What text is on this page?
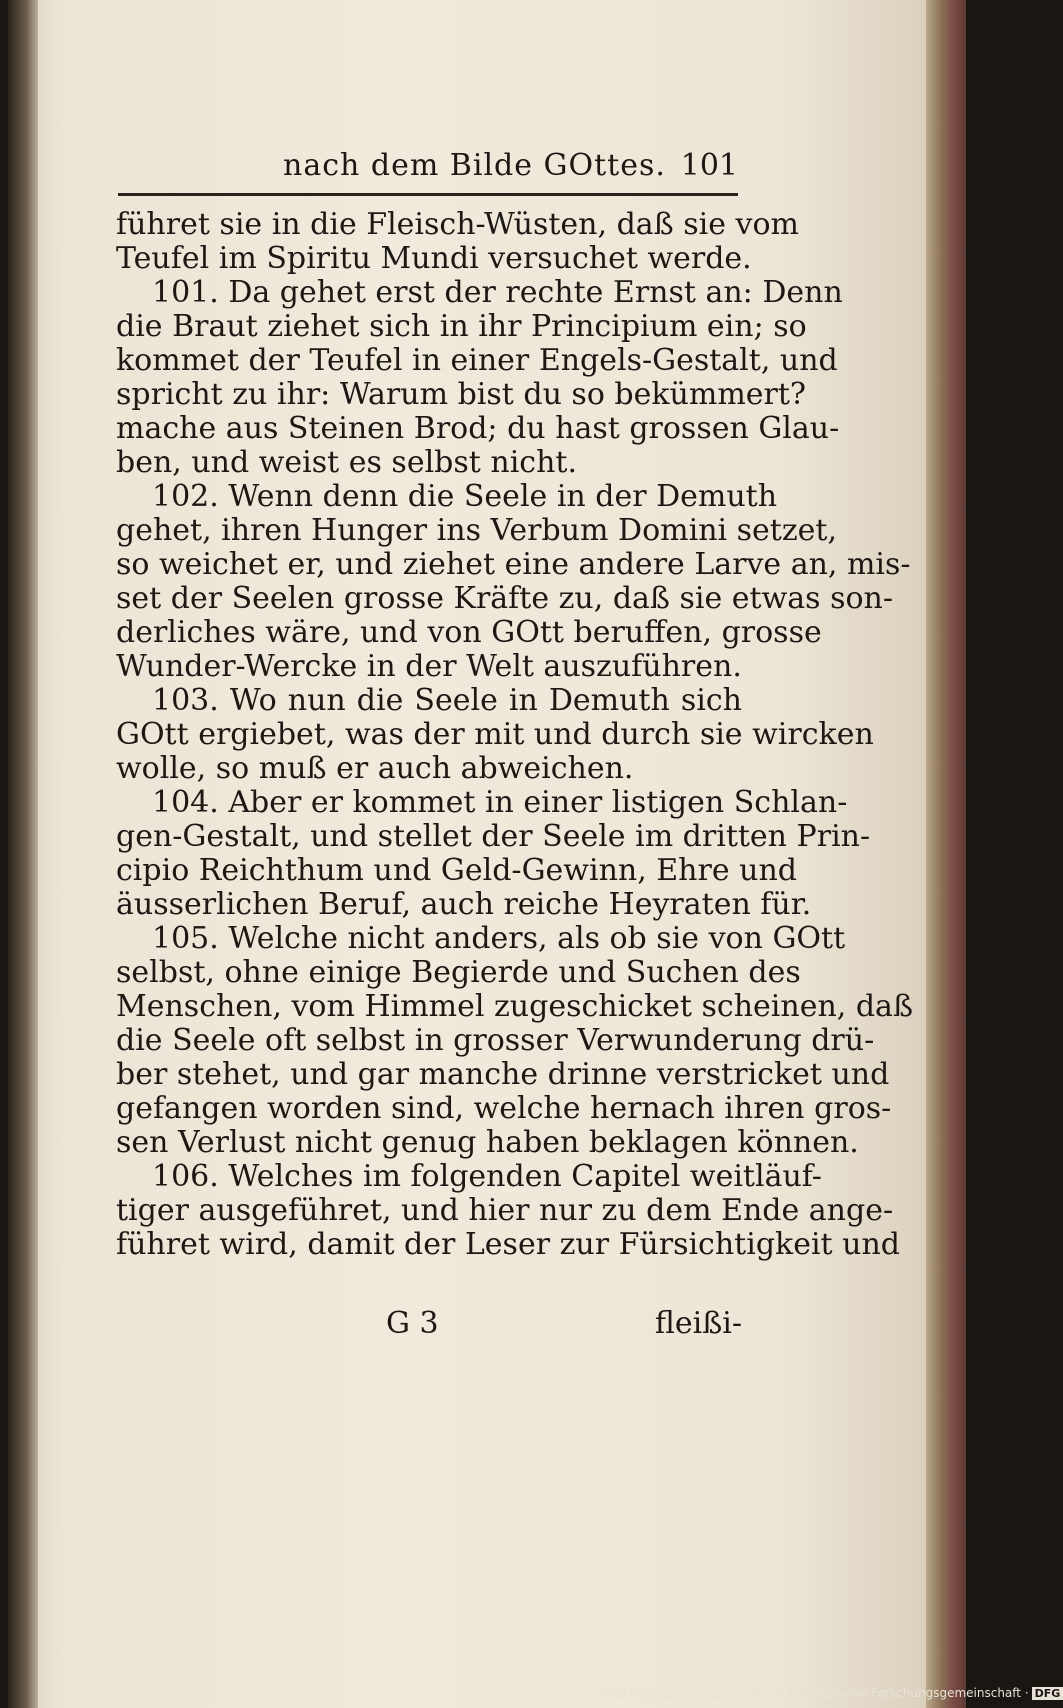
nach dem Bilde GOttes. 101
führet sie in die Fleisch-Wüsten, daß sie vom
Teufel im Spiritu Mundi versuchet werde.
101. Da gehet erst der rechte Ernst an: Denn
die Braut ziehet sich in ihr Principium ein; so
kommet der Teufel in einer Engels-Gestalt, und
spricht zu ihr: Warum bist du so bekümmert?
mache aus Steinen Brod; du hast grossen Glau-
ben, und weist es selbst nicht.
102. Wenn denn die Seele in der Demuth
gehet, ihren Hunger ins Verbum Domini setzet,
so weichet er, und ziehet eine andere Larve an, mis-
set der Seelen grosse Kräfte zu, daß sie etwas son-
derliches wäre, und von GOtt beruffen, grosse
Wunder-Wercke in der Welt auszuführen.
103. Wo nun die Seele in Demuth sich
GOtt ergiebet, was der mit und durch sie wircken
wolle, so muß er auch abweichen.
104. Aber er kommet in einer listigen Schlan-
gen-Gestalt, und stellet der Seele im dritten Prin-
cipio Reichthum und Geld-Gewinn, Ehre und
äusserlichen Beruf, auch reiche Heyraten für.
105. Welche nicht anders, als ob sie von GOtt
selbst, ohne einige Begierde und Suchen des
Menschen, vom Himmel zugeschicket scheinen, daß
die Seele oft selbst in grosser Verwunderung drü-
ber stehet, und gar manche drinne verstricket und
gefangen worden sind, welche hernach ihren gros-
sen Verlust nicht genug haben beklagen können.
106. Welches im folgenden Capitel weitläuf-
tiger ausgeführet, und hier nur zu dem Ende ange-
führet wird, damit der Leser zur Fürsichtigkeit und
G 3	fleißi-
Digitalisierung gefördert durch die Deutsche Forschungsgemeinschaft · DFG
